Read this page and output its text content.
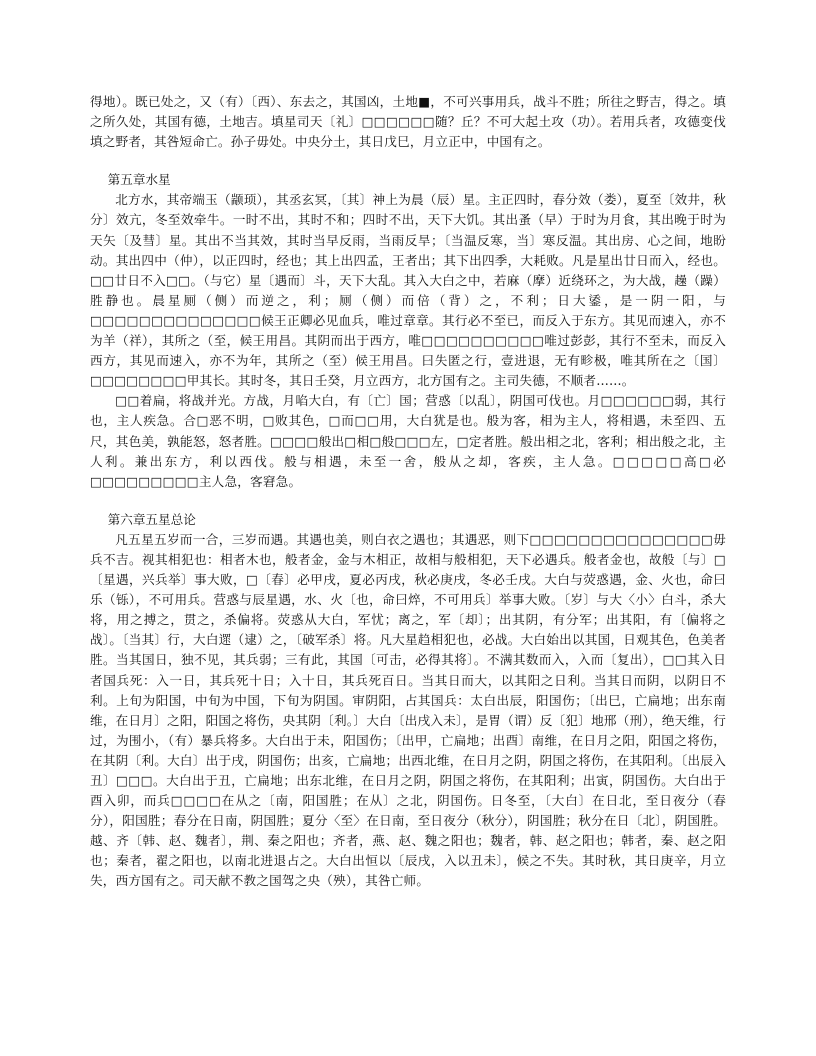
得地）。既已处之，又（有）〔西）、东去之，其国凶，土地■，不可兴事用兵，战斗不胜；所往之野吉，得之。填之所久处，其国有德，土地吉。填星司天〔礼〕□□□□□□随？丘？不可大起土攻（功）。若用兵者，攻德变伐填之野者，其咎短命亡。孙子毋处。中央分土，其日戊巳，月立正中，中国有之。

第五章水星

北方水，其帝端玉（颛顼），其丞玄冥，〔其〕神上为晨（辰）星。主正四时，春分效（娄），夏至〔效井，秋分〕效亢，冬至效牵牛。一时不出，其时不和；四时不出，天下大饥。其出蚤（早）于时为月食，其出晚于时为天矢〔及彗〕星。其出不当其效，其时当早反雨，当雨反旱；〔当温反寒，当〕寒反温。其出房、心之间，地盼动。其出四中（仲），以正四时，经也；其上出四孟，王者出；其下出四季，大耗败。凡是星出廿日而入，经也。□□廿日不入□□。（与它）星〔遇而〕斗，天下大乱。其入大白之中，若麻（摩）近绕环之，为大战，趮（躁）胜静也。晨星厕（侧）而逆之，利；厕（侧）而倍（背）之，不利；日大鋈，是一阴一阳，与□□□□□□□□□□□□□□候王正卿必见血兵，唯过章章。其行必不至已，而反入于东方。其见而速入，亦不为羊（祥），其所之（至，候王用昌。其阴而出于西方，唯□□□□□□□□□□唯过彭彭，其行不至未，而反入西方，其见而速入，亦不为年，其所之（至）候王用昌。曰失匿之行，壹进退，无有畛极，唯其所在之〔国〕□□□□□□□□甲其长。其时冬，其日壬癸，月立西方，北方国有之。主司失德，不顺者……。

□□着扁，将战并光。方战，月啗大白，有〔亡〕国；营惑〔以乱〕，阴国可伐也。月□□□□□□弱，其行也，主人疾急。合□恶不明，□败其色，□而□□用，大白犹是也。般为客，相为主人，将相遇，未至四、五尺，其色美，孰能怒，怒者胜。□□□□般出□相□般□□□左，□定者胜。般出相之北，客利；相出般之北，主人利。兼出东方，利以西伐。般与相遇，未至一舍，般从之却，客疾，主人急。□□□□□高□必□□□□□□□□□主人急，客窘急。

第六章五星总论

凡五星五岁而一合，三岁而遇。其遇也美，则白衣之遇也；其遇恶，则下□□□□□□□□□□□□□□□毋兵不吉。视其相犯也：相者木也，般者金，金与木相正，故相与般相犯，天下必遇兵。般者金也，故般〔与〕□〔星遇，兴兵举〕事大败，□〔春〕必甲戌，夏必丙戌，秋必庚戌，冬必壬戌。大白与荧惑遇，金、火也，命曰乐（铄），不可用兵。营惑与辰星遇，水、火〔也，命曰焠，不可用兵〕举事大败。〔岁〕与大〈小〉白斗，杀大将，用之搏之，贯之，杀偏将。荧惑从大白，军忧；离之，军〔却〕；出其阴，有分军；出其阳，有〔偏将之战〕。〔当其〕行，大白遝（逮）之，〔破军杀〕将。凡大星趋相犯也，必战。大白始出以其国，日观其色，色美者胜。当其国日，独不见，其兵弱；三有此，其国〔可击，必得其将〕。不满其数而入，入而〔复出），□□其入日者国兵死：入一日，其兵死十日；入十日，其兵死百日。当其日而大，以其阳之日利。当其日而阴，以阴日不利。上旬为阳国，中旬为中国，下旬为阴国。审阴阳，占其国兵：太白出辰，阳国伤；〔出巳，亡扁地；出东南维，在日月〕之阳，阳国之将伤，央其阴〔利。〕大白〔出戌入未〕，是胃（谓）反〔犯〕地邢（刑），绝天维，行过，为围小，（有）暴兵将多。大白出于未，阳国伤；〔出甲，亡扁地；出酉〕南维，在日月之阳，阳国之将伤，在其阴〔利。大白〕出于戌，阴国伤；出亥，亡扁地；出西北维，在日月之阴，阴国之将伤，在其阳利。〔出辰入丑〕□□□。大白出于丑，亡扁地；出东北维，在日月之阴，阴国之将伤，在其阳利；出寅，阴国伤。大白出于酉入卯，而兵□□□□在从之〔南，阳国胜；在从〕之北，阴国伤。日冬至，〔大白〕在日北，至日夜分（春分），阳国胜；春分在日南，阴国胜；夏分〈至〉在日南，至日夜分（秋分），阴国胜；秋分在日〔北〕，阴国胜。越、齐〔韩、赵、魏者〕，荆、秦之阳也；齐者，燕、赵、魏之阳也；魏者，韩、赵之阳也；韩者，秦、赵之阳也；秦者，翟之阳也，以南北进退占之。大白出恒以〔辰戌，入以丑未〕，候之不失。其时秋，其日庚辛，月立失，西方国有之。司天献不教之国驾之央（殃），其咎亡师。
